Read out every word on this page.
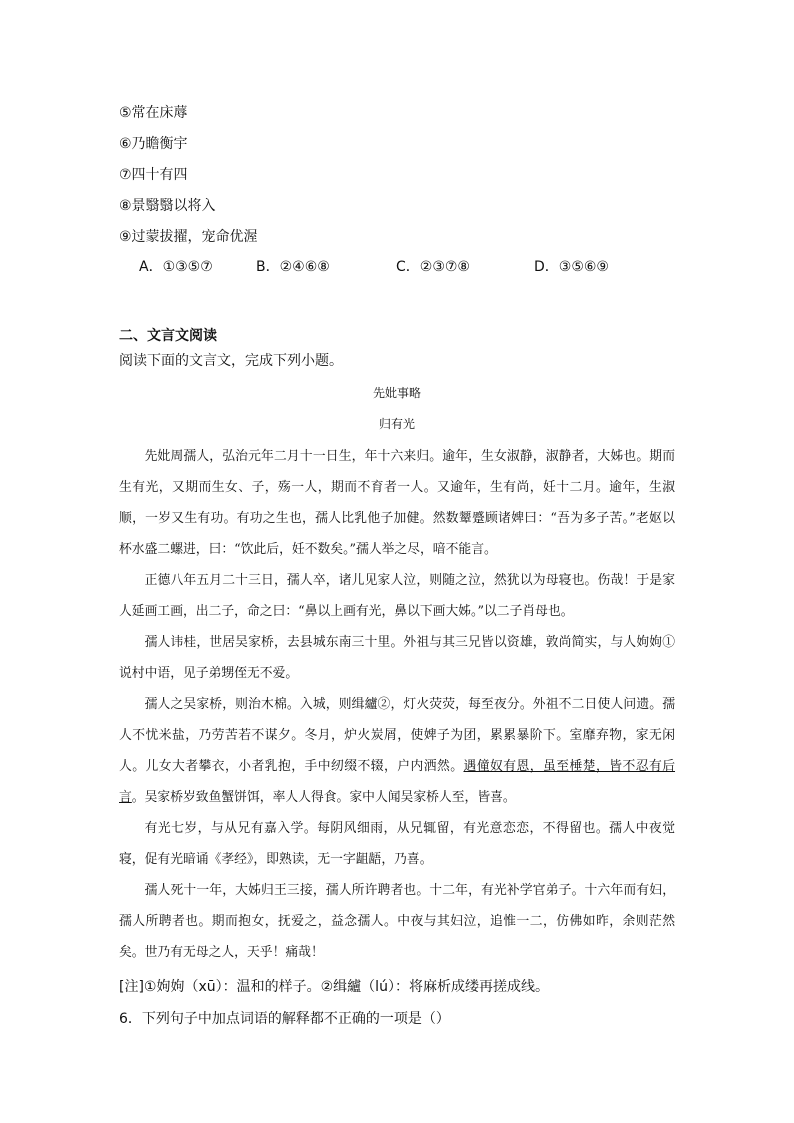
⑤常在床蓐
⑥乃瞻衡宇
⑦四十有四
⑧景翳翳以将入
⑨过蒙拔擢，宠命优渥
A．①③⑤⑦	B．②④⑥⑧	C．②③⑦⑧	D．③⑤⑥⑨
二、文言文阅读
阅读下面的文言文，完成下列小题。
先妣事略
归有光

先妣周孺人，弘治元年二月十一日生，年十六来归。逾年，生女淑静，淑静者，大姊也。期而生有光，又期而生女、子，殇一人，期而不育者一人。又逾年，生有尚，妊十二月。逾年，生淑顺，一岁又生有功。有功之生也，孺人比乳他子加健。然数颦蹙顾诸婢曰：“吾为多子苦。”老妪以杯水盛二螺进，曰：“饮此后，妊不数矣。”孺人举之尽，喑不能言。

正德八年五月二十三日，孺人卒，诸儿见家人泣，则随之泣，然犹以为母寝也。伤哉！于是家人延画工画，出二子，命之曰：“鼻以上画有光，鼻以下画大姊。”以二子肖母也。

孺人讳桂，世居吴家桥，去县城东南三十里。外祖与其三兄皆以资雄，敦尚简实，与人姁姁①说村中语，见子弟甥侄无不爱。

孺人之吴家桥，则治木棉。入城，则缉纑②，灯火荧荧，每至夜分。外祖不二日使人问遗。孺人不忧米盐，乃劳苦若不谋夕。冬月，炉火炭屑，使婢子为团，累累暴阶下。室靡弃物，家无闲人。儿女大者攀衣，小者乳抱，手中纫缀不辍，户内洒然。遇僮奴有恩，虽至棰楚，皆不忍有后言。吴家桥岁致鱼蟹饼饵，率人人得食。家中人闻吴家桥人至，皆喜。

有光七岁，与从兄有嘉入学。每阴风细雨，从兄辄留，有光意恋恋，不得留也。孺人中夜觉寝，促有光暗诵《孝经》，即熟读，无一字龃龉，乃喜。

孺人死十一年，大姊归王三接，孺人所许聘者也。十二年，有光补学官弟子。十六年而有妇，孺人所聘者也。期而抱女，抚爱之，益念孺人。中夜与其妇泣，追惟一二，仿佛如昨，余则茫然矣。世乃有无母之人，天乎！痛哉！

[注]①姁姁（xū）：温和的样子。②缉纑（lú）：将麻析成缕再搓成线。
6．下列句子中加点词语的解释都不正确的一项是（）
